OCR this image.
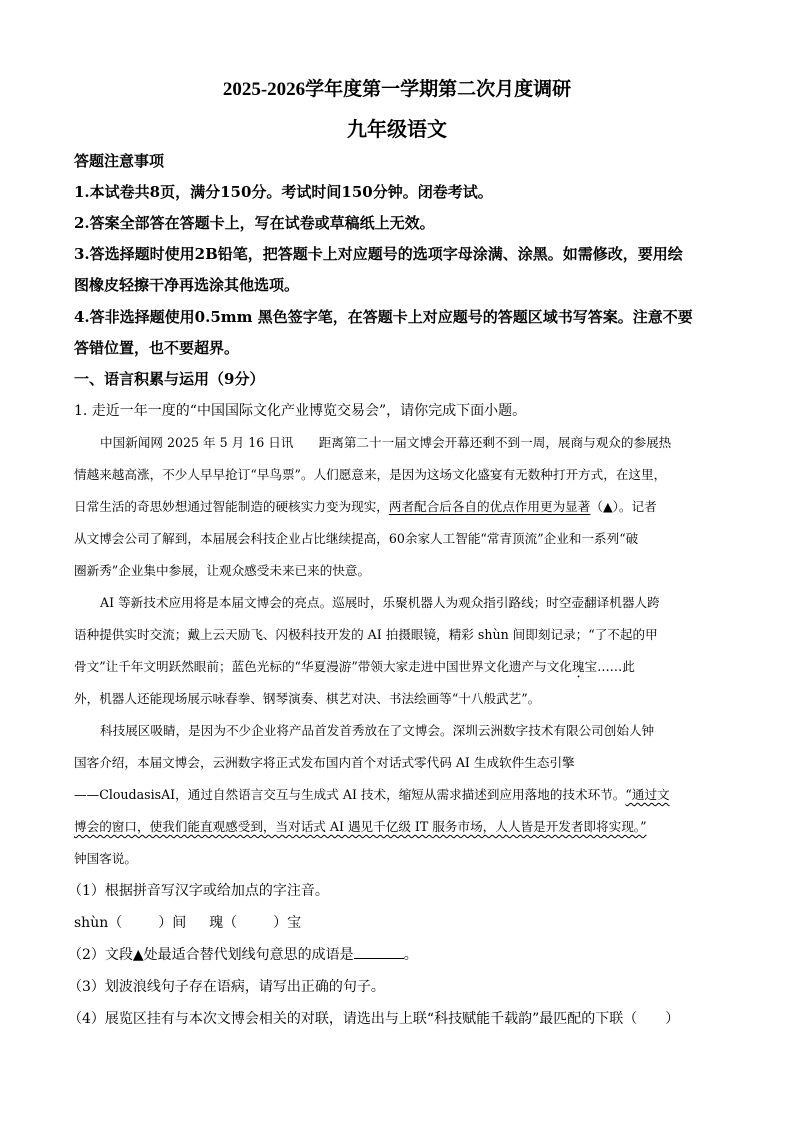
2025-2026学年度第一学期第二次月度调研
九年级语文
答题注意事项
1.本试卷共8页，满分150分。考试时间150分钟。闭卷考试。
2.答案全部答在答题卡上，写在试卷或草稿纸上无效。
3.答选择题时使用2B铅笔，把答题卡上对应题号的选项字母涂满、涂黑。如需修改，要用绘
图橡皮轻擦干净再选涂其他选项。
4.答非选择题使用0.5mm 黑色签字笔，在答题卡上对应题号的答题区域书写答案。注意不要
答错位置，也不要超界。
一、语言积累与运用（9分）
1. 走近一年一度的“中国国际文化产业博览交易会”，请你完成下面小题。
中国新闻网 2025 年 5 月 16 日讯　　距离第二十一届文博会开幕还剩不到一周，展商与观众的参展热
情越来越高涨，不少人早早抢订“早鸟票”。人们愿意来，是因为这场文化盛宴有无数种打开方式，在这里，
日常生活的奇思妙想通过智能制造的硬核实力变为现实，两者配合后各自的优点作用更为显著（▲）。记者
从文博会公司了解到，本届展会科技企业占比继续提高，60余家人工智能“常青顶流”企业和一系列“破
圈新秀”企业集中参展，让观众感受未来已来的快意。
AI 等新技术应用将是本届文博会的亮点。巡展时，乐聚机器人为观众指引路线；时空壶翻译机器人跨
语种提供实时交流；戴上云天励飞、闪极科技开发的 AI 拍摄眼镜，精彩 shùn 间即刻记录；“了不起的甲
骨文”让千年文明跃然眼前；蓝色光标的“华夏漫游”带领大家走进中国世界文化遗产与文化瑰宝……此
外，机器人还能现场展示咏春拳、钢琴演奏、棋艺对决、书法绘画等“十八般武艺”。
科技展区吸睛，是因为不少企业将产品首发首秀放在了文博会。深圳云洲数字技术有限公司创始人钟
国客介绍，本届文博会，云洲数字将正式发布国内首个对话式零代码 AI 生成软件生态引擎
——CloudasisAI，通过自然语言交互与生成式 AI 技术，缩短从需求描述到应用落地的技术环节。“通过文
博会的窗口，使我们能直观感受到，当对话式 AI 遇见千亿级 IT 服务市场，人人皆是开发者即将实现。”
钟国客说。
（1）根据拼音写汉字或给加点的字注音。
shùn（	）间 瑰（	）宝
（2）文段▲处最适合替代划线句意思的成语是	。
（3）划波浪线句子存在语病，请写出正确的句子。
（4）展览区挂有与本次文博会相关的对联，请选出与上联“科技赋能千载韵”最匹配的下联（　　）
